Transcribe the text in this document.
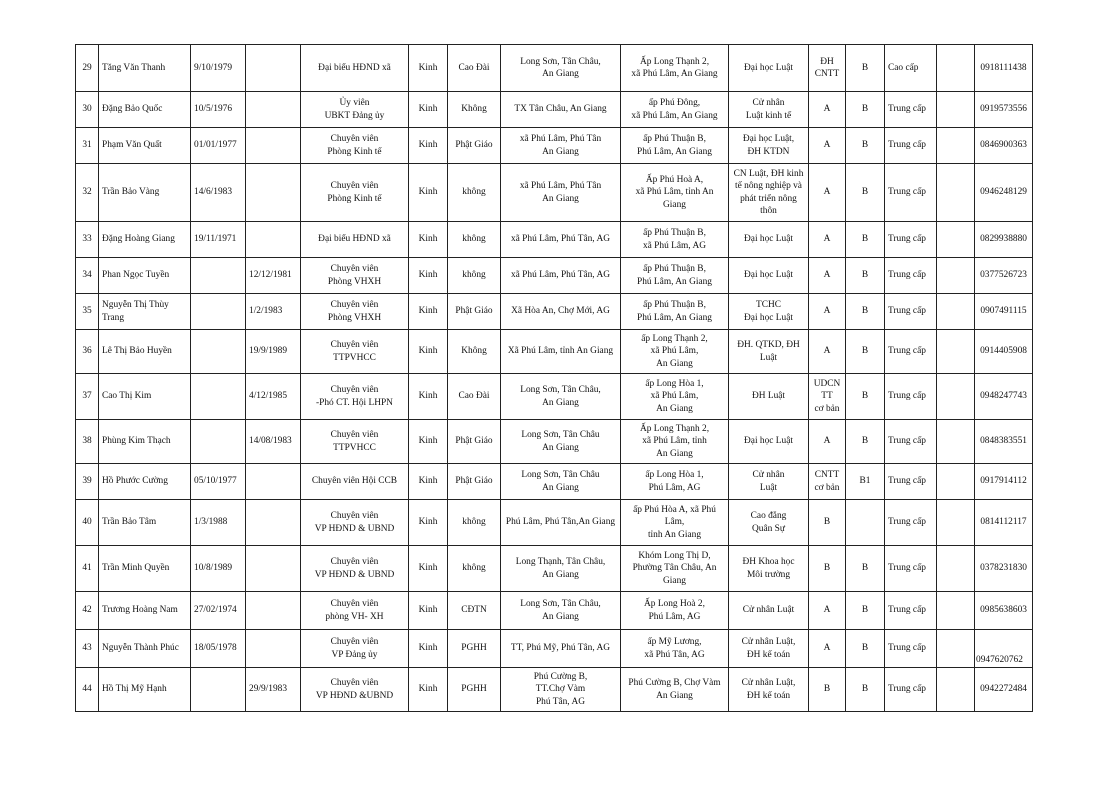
29	Tăng Văn Thanh	9/10/1979		Đại biểu HĐND xã	Kinh	Cao Đài	Long Sơn, Tân Châu,
An Giang	Ấp Long Thạnh 2,
xã Phú Lâm, An Giang	Đại học Luật	ĐH CNTT	B	Cao cấp		0918111438
30	Đặng Bảo Quốc	10/5/1976		Ủy viên
UBKT Đảng ủy	Kinh	Không	TX Tân Châu, An Giang	ấp Phú Đông,
xã Phú Lâm, An Giang	Cử nhân
Luật kinh tế	A	B	Trung cấp		0919573556
31	Phạm Văn Quất	01/01/1977		Chuyên viên
Phòng Kinh tế	Kinh	Phật Giáo	xã Phú Lâm, Phú Tân
An Giang	ấp Phú Thuận B,
Phú Lâm, An Giang	Đại học Luật,
ĐH KTDN	A	B	Trung cấp		0846900363
32	Trần Bảo Vàng	14/6/1983		Chuyên viên
Phòng Kinh tế	Kinh	không	xã Phú Lâm, Phú Tân
An Giang	Ấp Phú Hoà A,
xã Phú Lâm, tỉnh An
Giang	CN Luật, ĐH kinh
tế nông nghiệp và
phát triển nông
thôn	A	B	Trung cấp		0946248129
33	Đặng Hoàng Giang	19/11/1971		Đại biểu HĐND xã	Kinh	không	xã Phú Lâm, Phú Tân, AG	ấp Phú Thuận B,
xã Phú Lâm, AG	Đại học Luật	A	B	Trung cấp		0829938880
34	Phan Ngọc Tuyền		12/12/1981	Chuyên viên
Phòng VHXH	Kinh	không	xã Phú Lâm, Phú Tân, AG	ấp Phú Thuận B,
Phú Lâm, An Giang	Đại học Luật	A	B	Trung cấp		0377526723
35	Nguyễn Thị Thùy
Trang		1/2/1983	Chuyên viên
Phòng VHXH	Kinh	Phật Giáo	Xã Hòa An, Chợ Mới, AG	ấp Phú Thuận B,
Phú Lâm, An Giang	TCHC
Đại học Luật	A	B	Trung cấp		0907491115
36	Lê Thị Bảo Huyền		19/9/1989	Chuyên viên
TTPVHCC	Kinh	Không	Xã Phú Lâm, tỉnh An Giang	ấp Long Thạnh 2,
xã Phú Lâm,
An Giang	ĐH. QTKD, ĐH Luật	A	B	Trung cấp		0914405908
37	Cao Thị Kim		4/12/1985	Chuyên viên
-Phó CT. Hội LHPN	Kinh	Cao Đài	Long Sơn, Tân Châu,
An Giang	ấp Long Hòa 1,
xã Phú Lâm,
An Giang	ĐH Luật	UDCN
TT
cơ bản	B	Trung cấp		0948247743
38	Phùng Kim Thạch		14/08/1983	Chuyên viên
TTPVHCC	Kinh	Phật Giáo	Long Sơn, Tân Châu
An Giang	Ấp Long Thạnh 2,
xã Phú Lâm, tỉnh
An Giang	Đại học Luật	A	B	Trung cấp		0848383551
39	Hồ Phước Cường	05/10/1977		Chuyên viên Hội CCB	Kinh	Phật Giáo	Long Sơn, Tân Châu
An Giang	ấp Long Hòa 1,
Phú Lâm, AG	Cử nhân
Luật	CNTT
cơ bản	B1	Trung cấp		0917914112
40	Trần Bảo Tâm	1/3/1988		Chuyên viên
VP HĐND & UBND	Kinh	không	Phú Lâm, Phú Tân,An Giang	ấp Phú Hòa A, xã Phú
Lâm,
tỉnh An Giang	Cao đẳng
Quân Sự	B		Trung cấp		0814112117
41	Trần Minh Quyền	10/8/1989		Chuyên viên
VP HĐND & UBND	Kinh	không	Long Thạnh, Tân Châu,
An Giang	Khóm Long Thị D,
Phường Tân Châu, An
Giang	ĐH Khoa học
Môi trường	B	B	Trung cấp		0378231830
42	Trương Hoàng Nam	27/02/1974		Chuyên viên
phòng VH- XH	Kinh	CĐTN	Long Sơn, Tân Châu,
An Giang	Ấp Long Hoà 2,
Phú Lâm, AG	Cử nhân Luật	A	B	Trung cấp		0985638603
43	Nguyễn Thành Phúc	18/05/1978		Chuyên viên
VP Đảng ủy	Kinh	PGHH	TT, Phú Mỹ, Phú Tân, AG	ấp Mỹ Lương,
xã Phú Tân, AG	Cử nhân Luật,
ĐH kế toán	A	B	Trung cấp		0947620762
44	Hồ Thị Mỹ Hạnh		29/9/1983	Chuyên viên
VP HĐND &UBND	Kinh	PGHH	Phú Cường B,
TT.Chợ Vàm
Phú Tân, AG	Phú Cường B, Chợ Vàm
An Giang	Cử nhân Luật,
ĐH kế toán	B	B	Trung cấp		0942272484
